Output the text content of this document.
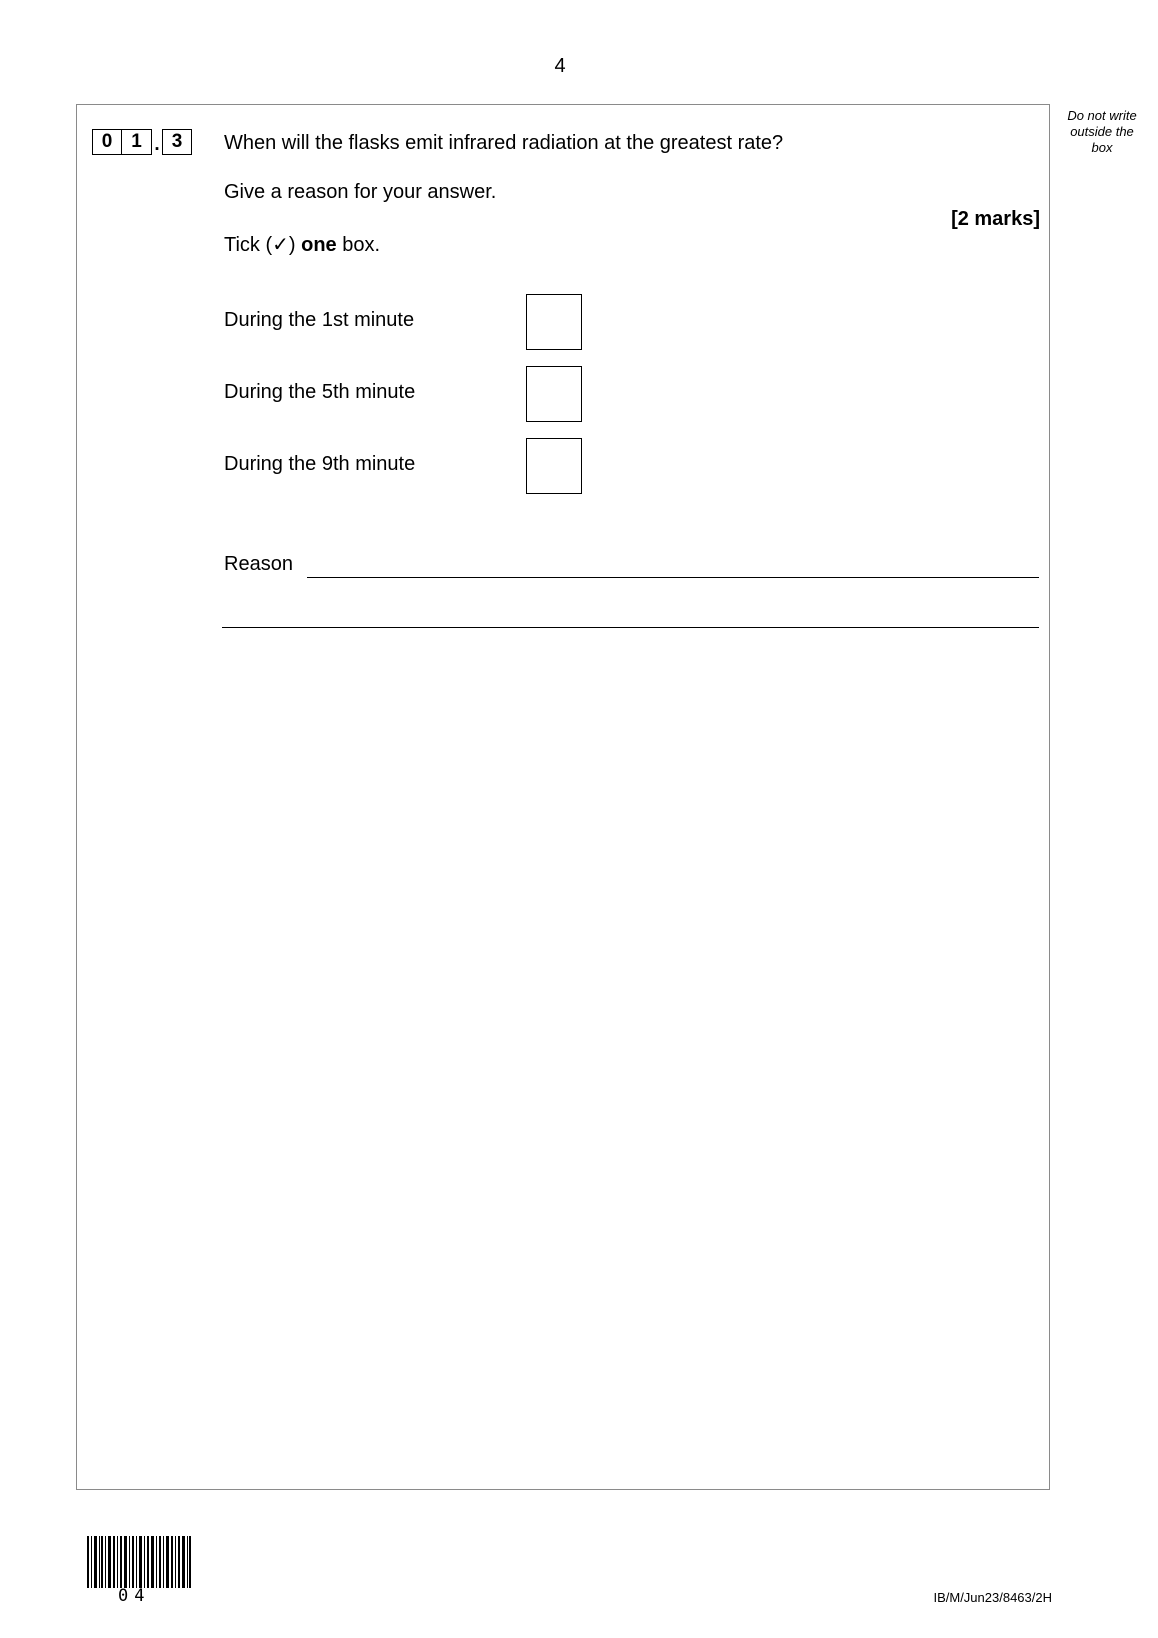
4
Do not write
outside the
box
0 1 . 3	When will the flasks emit infrared radiation at the greatest rate?
Give a reason for your answer.
[2 marks]
Tick (✓) one box.
During the 1st minute
During the 5th minute
During the 9th minute
Reason
04	IB/M/Jun23/8463/2H
